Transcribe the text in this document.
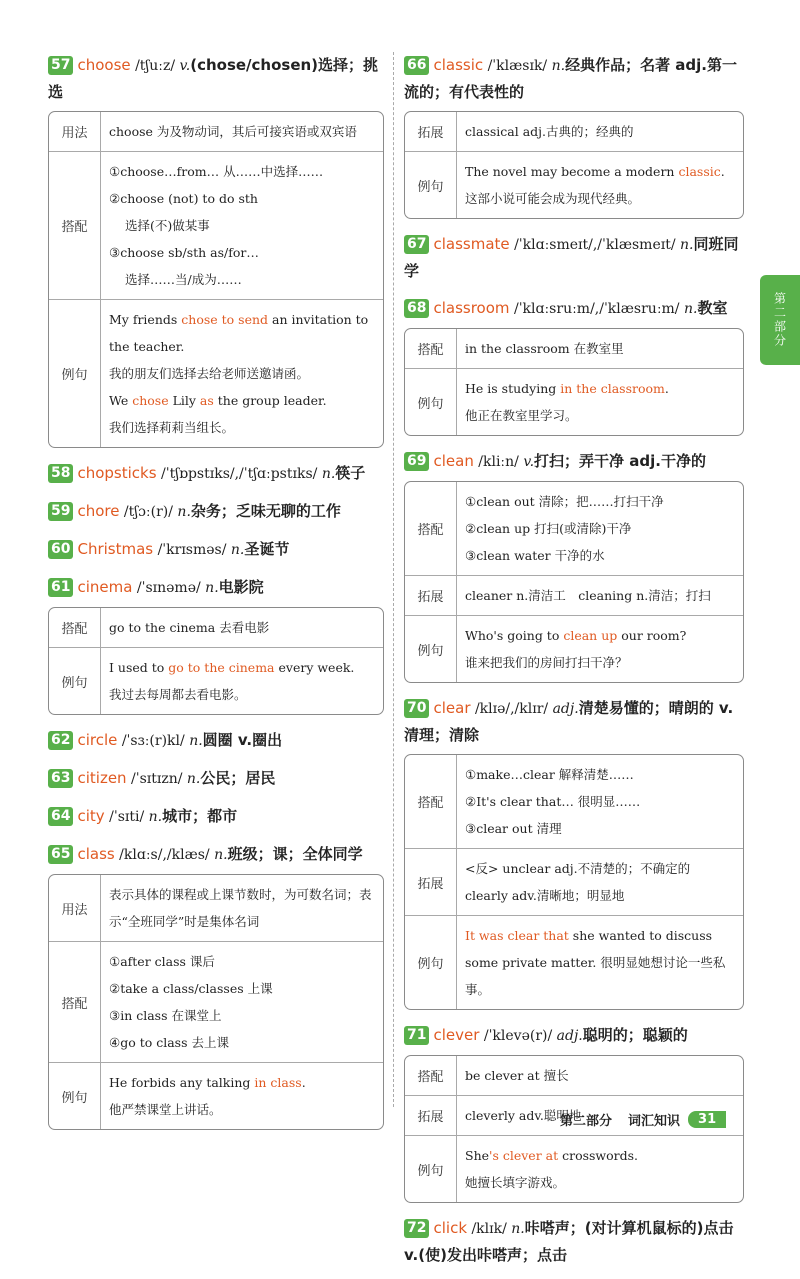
57 choose /tʃuːz/ v.(chose/chosen)选择；挑选
用法	choose 为及物动词，其后可接宾语或双宾语
搭配
①choose…from… 从……中选择……
②choose (not) to do sth
选择(不)做某事
③choose sb/sth as/for…
选择……当/成为……
例句
My friends chose to send an invitation to the teacher.
我的朋友们选择去给老师送邀请函。
We chose Lily as the group leader.
我们选择莉莉当组长。
58 chopsticks /ˈtʃɒpstɪks/,/ˈtʃɑːpstɪks/ n.筷子
59 chore /tʃɔː(r)/ n.杂务；乏味无聊的工作
60 Christmas /ˈkrɪsməs/ n.圣诞节
61 cinema /ˈsɪnəmə/ n.电影院
搭配	go to the cinema 去看电影
例句
I used to go to the cinema every week.
我过去每周都去看电影。
62 circle /ˈsɜː(r)kl/ n.圆圈 v.圈出
63 citizen /ˈsɪtɪzn/ n.公民；居民
64 city /ˈsɪti/ n.城市；都市
65 class /klɑːs/,/klæs/ n.班级；课；全体同学
用法
表示具体的课程或上课节数时，为可数名词；表示“全班同学”时是集体名词
搭配
①after class 课后
②take a class/classes 上课
③in class 在课堂上
④go to class 去上课
例句
He forbids any talking in class.
他严禁课堂上讲话。
66 classic /ˈklæsɪk/ n.经典作品；名著 adj.第一流的；有代表性的
拓展	classical adj.古典的；经典的
例句
The novel may become a modern classic.
这部小说可能会成为现代经典。
67 classmate /ˈklɑːsmeɪt/,/ˈklæsmeɪt/ n.同班同学
68 classroom /ˈklɑːsruːm/,/ˈklæsruːm/ n.教室
搭配	in the classroom 在教室里
例句
He is studying in the classroom.
他正在教室里学习。
69 clean /kliːn/ v.打扫；弄干净 adj.干净的
搭配
①clean out 清除；把……打扫干净
②clean up 打扫(或清除)干净
③clean water 干净的水
拓展	cleaner n.清洁工　cleaning n.清洁；打扫
例句
Who's going to clean up our room?
谁来把我们的房间打扫干净？
70 clear /klɪə/,/klɪr/ adj.清楚易懂的；晴朗的 v.清理；清除
搭配
①make…clear 解释清楚……
②It's clear that… 很明显……
③clear out 清理
拓展
<反> unclear adj.不清楚的；不确定的
clearly adv.清晰地；明显地
例句
It was clear that she wanted to discuss some private matter. 很明显她想讨论一些私事。
71 clever /ˈklevə(r)/ adj.聪明的；聪颖的
搭配	be clever at 擅长
拓展	cleverly adv.聪明地
例句
She's clever at crosswords.
她擅长填字游戏。
72 click /klɪk/ n.咔嗒声；(对计算机鼠标的)点击 v.(使)发出咔嗒声；点击
第二部分
第二部分 词汇知识	31
